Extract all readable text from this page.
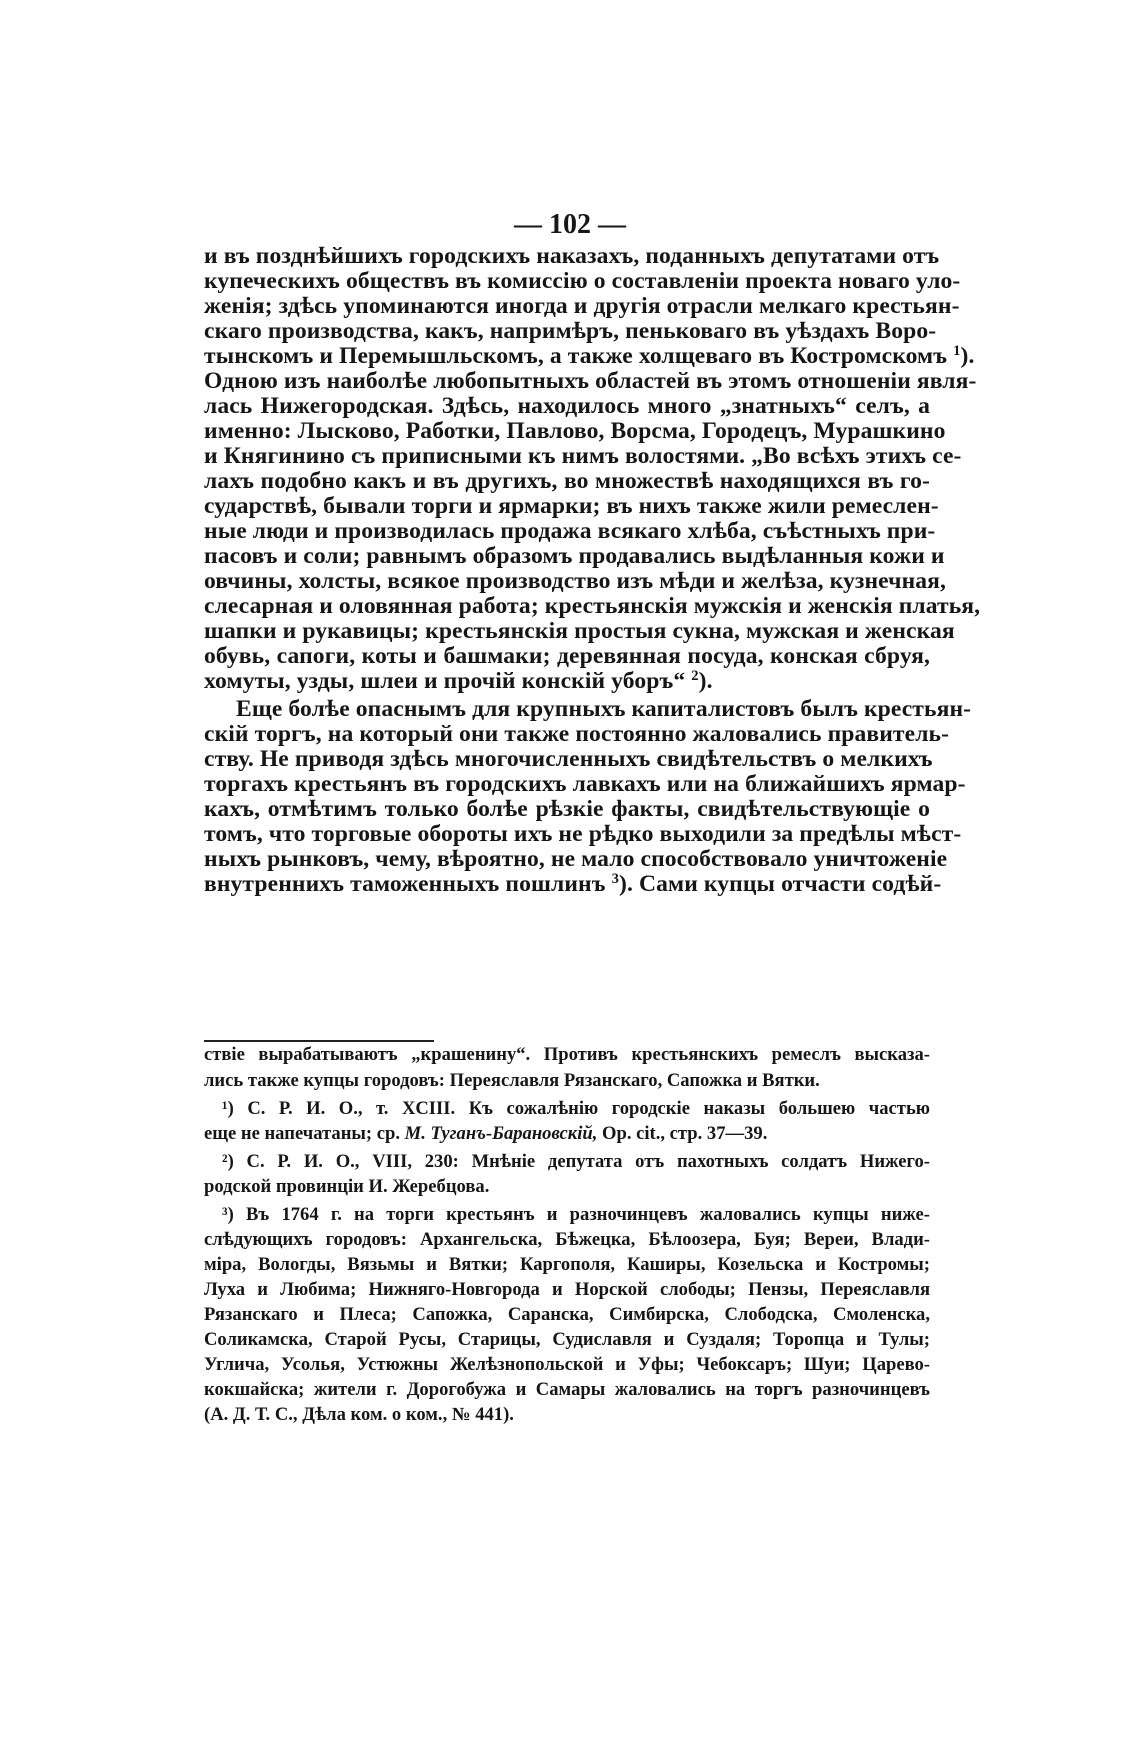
— 102 —
и въ позднѣйшихъ городскихъ наказахъ, поданныхъ депутатами отъ
купеческихъ обществъ въ комиссію о составленіи проекта новаго уло-
женія; здѣсь упоминаются иногда и другія отрасли мелкаго крестьян-
скаго производства, какъ, напримѣръ, пеньковаго въ уѣздахъ Воро-
тынскомъ и Перемышльскомъ, а также холщеваго въ Костромскомъ $^1$).
Одною изъ наиболѣе любопытныхъ областей въ этомъ отношеніи явля-
лась Нижегородская. Здѣсь, находилось много „знатныхъ“ селъ, а
именно: Лысково, Работки, Павлово, Ворсма, Городецъ, Мурашкино
и Княгинино съ приписными къ нимъ волостями. „Во всѣхъ этихъ се-
лахъ подобно какъ и въ другихъ, во множествѣ находящихся въ го-
сударствѣ, бывали торги и ярмарки; въ нихъ также жили ремеслен-
ные люди и производилась продажа всякаго хлѣба, съѣстныхъ при-
пасовъ и соли; равнымъ образомъ продавались выдѣланныя кожи и
овчины, холсты, всякое производство изъ мѣди и желѣза, кузнечная,
слесарная и оловянная работа; крестьянскія мужскія и женскія платья,
шапки и рукавицы; крестьянскія простыя сукна, мужская и женская
обувь, сапоги, коты и башмаки; деревянная посуда, конская сбруя,
хомуты, узды, шлеи и прочій конскій уборъ“ $^2$).
Еще болѣе опаснымъ для крупныхъ капиталистовъ былъ крестьян-
скій торгъ, на который они также постоянно жаловались правитель-
ству. Не приводя здѣсь многочисленныхъ свидѣтельствъ о мелкихъ
торгахъ крестьянъ въ городскихъ лавкахъ или на ближайшихъ ярмар-
кахъ, отмѣтимъ только болѣе рѣзкіе факты, свидѣтельствующіе о
томъ, что торговые обороты ихъ не рѣдко выходили за предѣлы мѣст-
ныхъ рынковъ, чему, вѣроятно, не мало способствовало уничтоженіе
внутреннихъ таможенныхъ пошлинъ $^3$). Сами купцы отчасти содѣй-
ствіе вырабатываютъ „крашенину“. Противъ крестьянскихъ ремеслъ высказа-
лись также купцы городовъ: Переяславля Рязанскаго, Сапожка и Вятки.
¹) С. Р. И. О., т. XCIII. Къ сожалѣнію городскіе наказы большею частью
еще не напечатаны; ср. М. Туганъ-Барановскій, Ор. cit., стр. 37—39.
²) С. Р. И. О., VIII, 230: Мнѣніе депутата отъ пахотныхъ солдатъ Нижего-
родской провинціи И. Жеребцова.
³) Въ 1764 г. на торги крестьянъ и разночинцевъ жаловались купцы ниже-
слѣдующихъ городовъ: Архангельска, Бѣжецка, Бѣлоозера, Буя; Вереи, Влади-
міра, Вологды, Вязьмы и Вятки; Каргополя, Каширы, Козельска и Костромы;
Луха и Любима; Нижняго-Новгорода и Норской слободы; Пензы, Переяславля
Рязанскаго и Плеса; Сапожка, Саранска, Симбирска, Слободска, Смоленска,
Соликамска, Старой Русы, Старицы, Судиславля и Суздаля; Торопца и Тулы;
Углича, Усолья, Устюжны Желѣзнопольской и Уфы; Чебоксаръ; Шуи; Царево-
кокшайска; жители г. Дорогобужа и Самары жаловались на торгъ разночинцевъ
(А. Д. Т. С., Дѣла ком. о ком., № 441).
